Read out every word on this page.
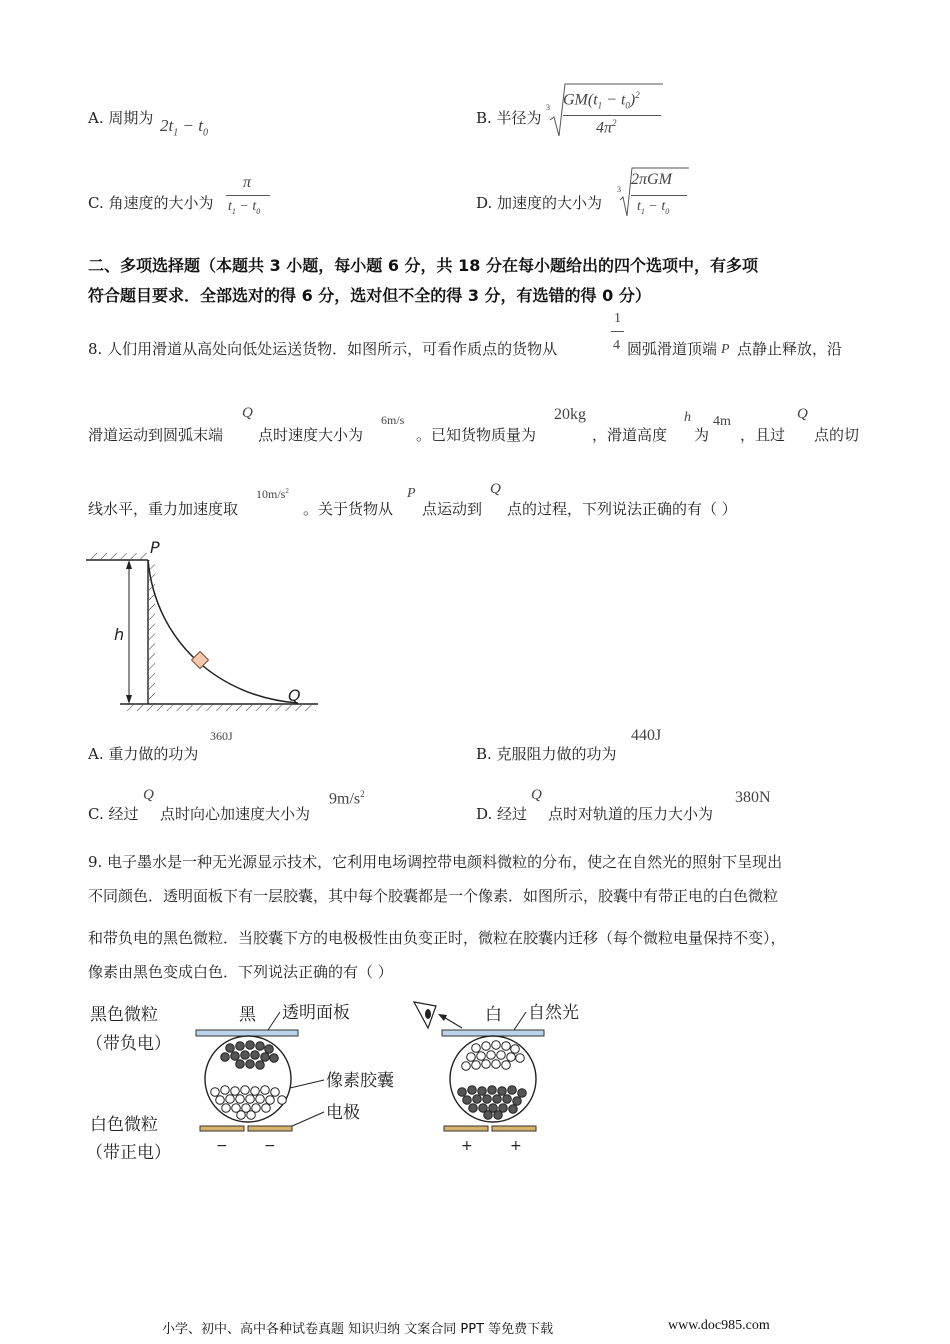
A. 周期为 $2t_1 - t_0$
B. 半径为
3 $GM(t_1 - t_0)^2$
$4\pi^2$
C. 角速度的大小为
π
$t_1 - t_0$	D. 加速度的大小为
3
2πGM
$t_1 - t_0$
二、多项选择题（本题共 3 小题，每小题 6 分，共 18 分在每小题给出的四个选项中，有多项
符合题目要求．全部选对的得 6 分，选对但不全的得 3 分，有选错的得 0 分）
8. 人们用滑道从高处向低处运送货物．如图所示，可看作质点的货物从
1
4 圆弧滑道顶端 P 点静止释放，沿
滑道运动到圆弧末端
Q
点时速度大小为
6m/s
。已知货物质量为
20kg
，滑道高度
h
为
4m
，且过
Q
点的切
线水平，重力加速度取
$10m/s^2$
。关于货物从
P
点运动到
Q
点的过程，下列说法正确的有（ ）
P
h
Q
A. 重力做的功为
360J
B. 克服阻力做的功为
440J
C. 经过
Q
点时向心加速度大小为
$9m/s^2$
D. 经过
Q
点时对轨道的压力大小为
380N
9. 电子墨水是一种无光源显示技术，它利用电场调控带电颜料微粒的分布，使之在自然光的照射下呈现出
不同颜色．透明面板下有一层胶囊，其中每个胶囊都是一个像素．如图所示，胶囊中有带正电的白色微粒
和带负电的黑色微粒．当胶囊下方的电极极性由负变正时，微粒在胶囊内迁移（每个微粒电量保持不变），
像素由黑色变成白色．下列说法正确的有（ ）
黑色微粒
（带负电）
白色微粒
（带正电）
黑 透明面板
像素胶囊
电极
−	−
白 自然光
+	+
小学、初中、高中各种试卷真题 知识归纳 文案合同 PPT 等免费下载	www.doc985.com
